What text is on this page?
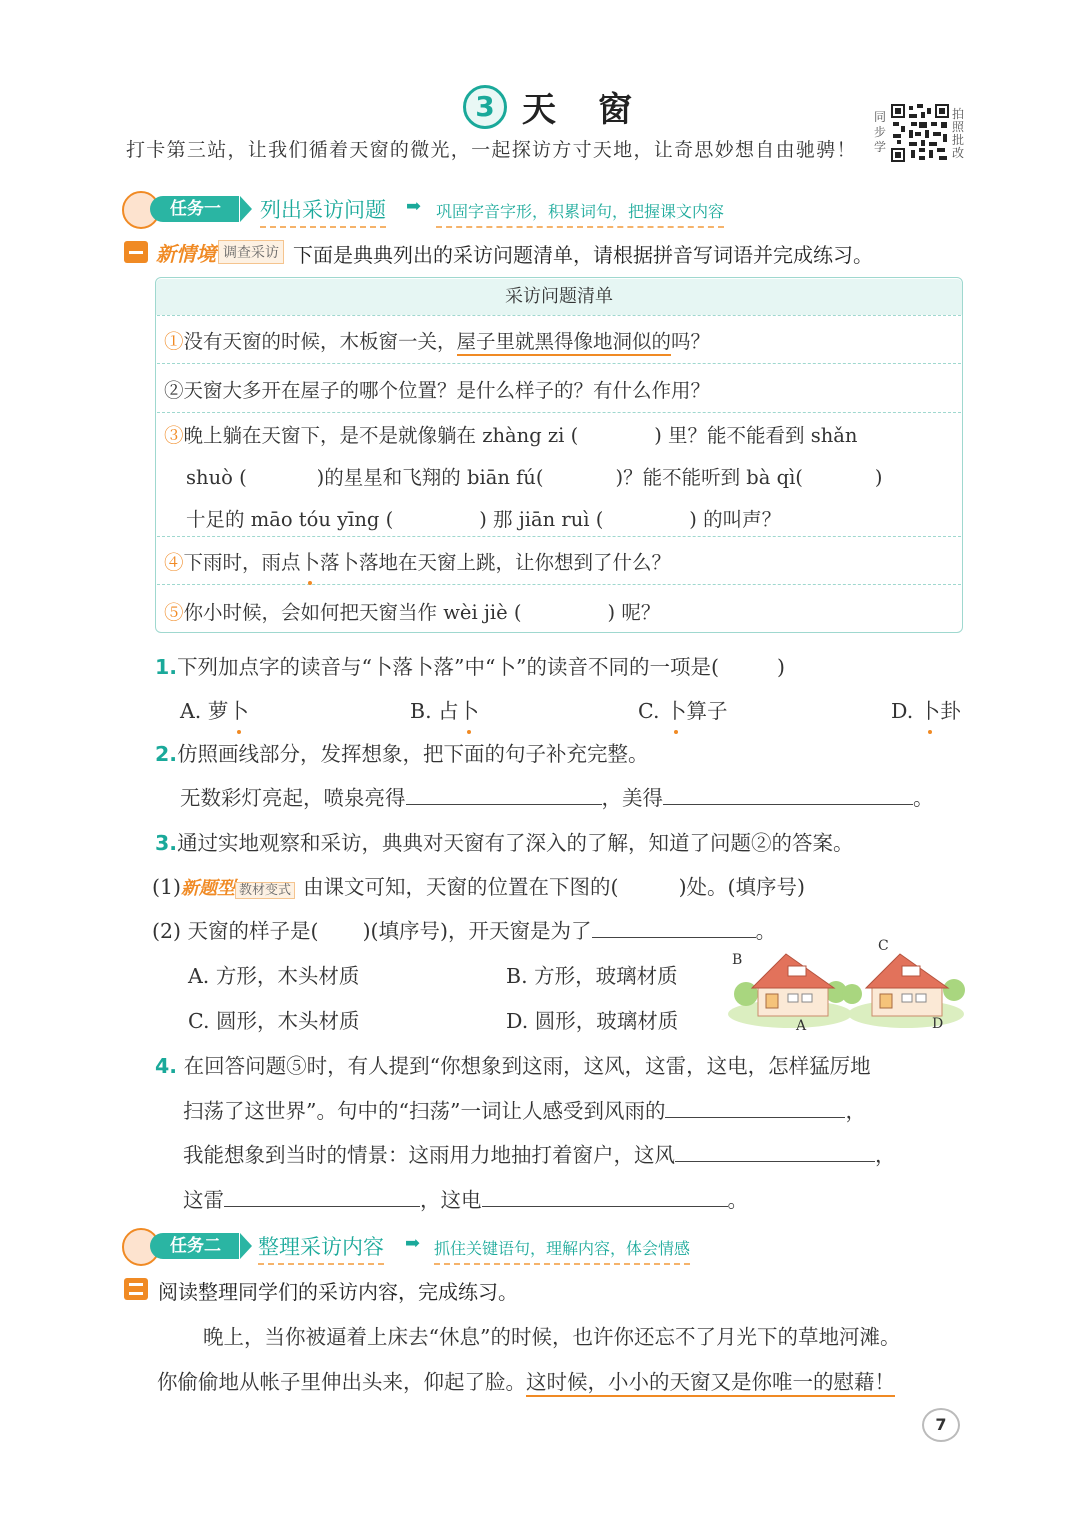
3 天窗
打卡第三站，让我们循着天窗的微光，一起探访方寸天地，让奇思妙想自由驰骋！
同步学
拍照批改
任务一	列出采访问题 ➡ 巩固字音字形，积累词句，把握课文内容
新情境 调查采访 下面是典典列出的采访问题清单，请根据拼音写词语并完成练习。
采访问题清单
①没有天窗的时候，木板窗一关，屋子里就黑得像地洞似的吗？
②天窗大多开在屋子的哪个位置？是什么样子的？有什么作用？
③晚上躺在天窗下，是不是就像躺在 zhàng zi (	) 里？能不能看到 shǎn
shuò (	)的星星和飞翔的 biān fú(	)？能不能听到 bà qì(	)
十足的 māo tóu yīng (	) 那 jiān ruì (	) 的叫声？
④下雨时，雨点卜落卜落地在天窗上跳，让你想到了什么？
⑤你小时候，会如何把天窗当作 wèi jiè (	) 呢？
1.下列加点字的读音与“卜落卜落”中“卜”的读音不同的一项是(	)
A. 萝卜	B. 占卜	C. 卜算子	D. 卜卦
2.仿照画线部分，发挥想象，把下面的句子补充完整。
无数彩灯亮起，喷泉亮得	，美得	。
3.通过实地观察和采访，典典对天窗有了深入的了解，知道了问题②的答案。
(1)新题型 教材变式 由课文可知，天窗的位置在下图的(	)处。(填序号)
(2) 天窗的样子是( )(填序号)，开天窗是为了	。
A. 方形，木头材质	B. 方形，玻璃材质
C. 圆形，木头材质	D. 圆形，玻璃材质
B
A
C
D
4. 在回答问题⑤时，有人提到“你想象到这雨，这风，这雷，这电，怎样猛厉地
扫荡了这世界”。句中的“扫荡”一词让人感受到风雨的	，
我能想象到当时的情景：这雨用力地抽打着窗户，这风	，
这雷	，这电	。
任务二	整理采访内容 ➡ 抓住关键语句，理解内容，体会情感
阅读整理同学们的采访内容，完成练习。
晚上，当你被逼着上床去“休息”的时候，也许你还忘不了月光下的草地河滩。
你偷偷地从帐子里伸出头来，仰起了脸。这时候，小小的天窗又是你唯一的慰藉！
7
